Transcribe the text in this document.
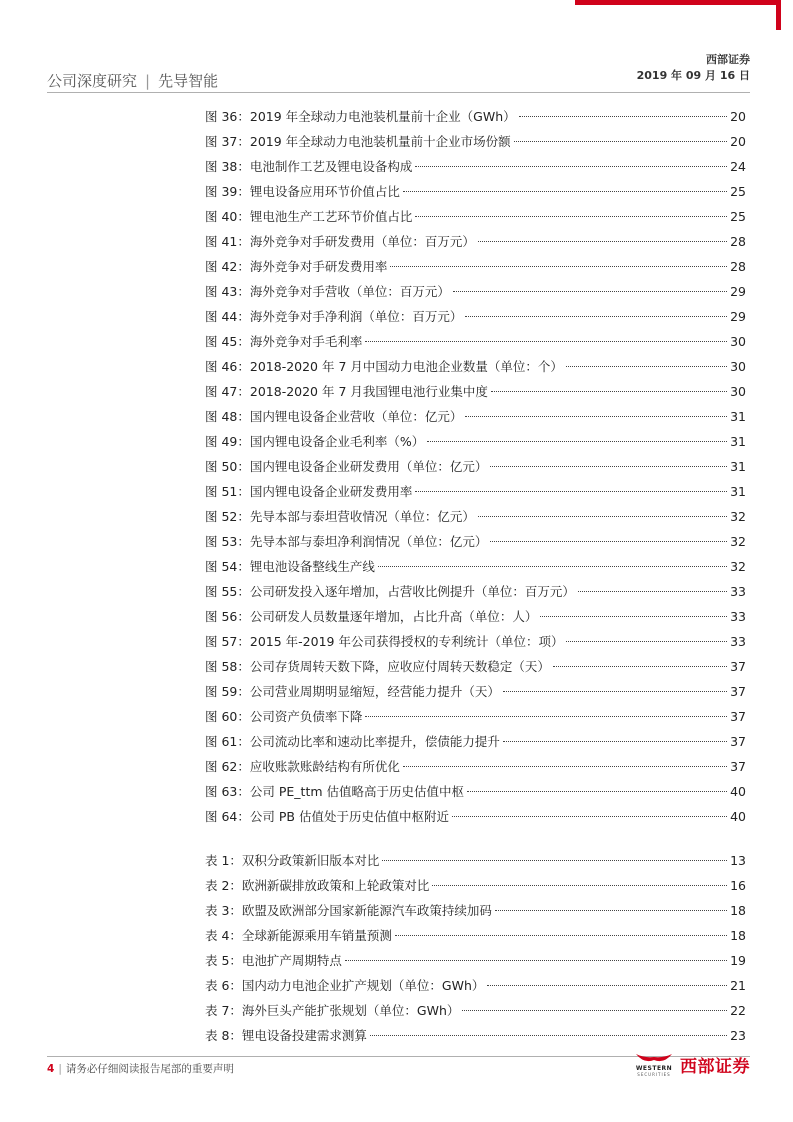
公司深度研究 | 先导智能
西部证券
2019 年 09 月 16 日
图 36：2019 年全球动力电池装机量前十企业（GWh）	20
图 37：2019 年全球动力电池装机量前十企业市场份额	20
图 38：电池制作工艺及锂电设备构成	24
图 39：锂电设备应用环节价值占比	25
图 40：锂电池生产工艺环节价值占比	25
图 41：海外竞争对手研发费用（单位：百万元）	28
图 42：海外竞争对手研发费用率	28
图 43：海外竞争对手营收（单位：百万元）	29
图 44：海外竞争对手净利润（单位：百万元）	29
图 45：海外竞争对手毛利率	30
图 46：2018-2020 年 7 月中国动力电池企业数量（单位：个）	30
图 47：2018-2020 年 7 月我国锂电池行业集中度	30
图 48：国内锂电设备企业营收（单位：亿元）	31
图 49：国内锂电设备企业毛利率（%）	31
图 50：国内锂电设备企业研发费用（单位：亿元）	31
图 51：国内锂电设备企业研发费用率	31
图 52：先导本部与泰坦营收情况（单位：亿元）	32
图 53：先导本部与泰坦净利润情况（单位：亿元）	32
图 54：锂电池设备整线生产线	32
图 55：公司研发投入逐年增加，占营收比例提升（单位：百万元）	33
图 56：公司研发人员数量逐年增加，占比升高（单位：人）	33
图 57：2015 年-2019 年公司获得授权的专利统计（单位：项）	33
图 58：公司存货周转天数下降，应收应付周转天数稳定（天）	37
图 59：公司营业周期明显缩短，经营能力提升（天）	37
图 60：公司资产负债率下降	37
图 61：公司流动比率和速动比率提升，偿债能力提升	37
图 62：应收账款账龄结构有所优化	37
图 63：公司 PE_ttm 估值略高于历史估值中枢	40
图 64：公司 PB 估值处于历史估值中枢附近	40
表 1：双积分政策新旧版本对比	13
表 2：欧洲新碳排放政策和上轮政策对比	16
表 3：欧盟及欧洲部分国家新能源汽车政策持续加码	18
表 4：全球新能源乘用车销量预测	18
表 5：电池扩产周期特点	19
表 6：国内动力电池企业扩产规划（单位：GWh）	21
表 7：海外巨头产能扩张规划（单位：GWh）	22
表 8：锂电设备投建需求测算	23
4 | 请务必仔细阅读报告尾部的重要声明	WESTERN
SECURITIES 西部证券
